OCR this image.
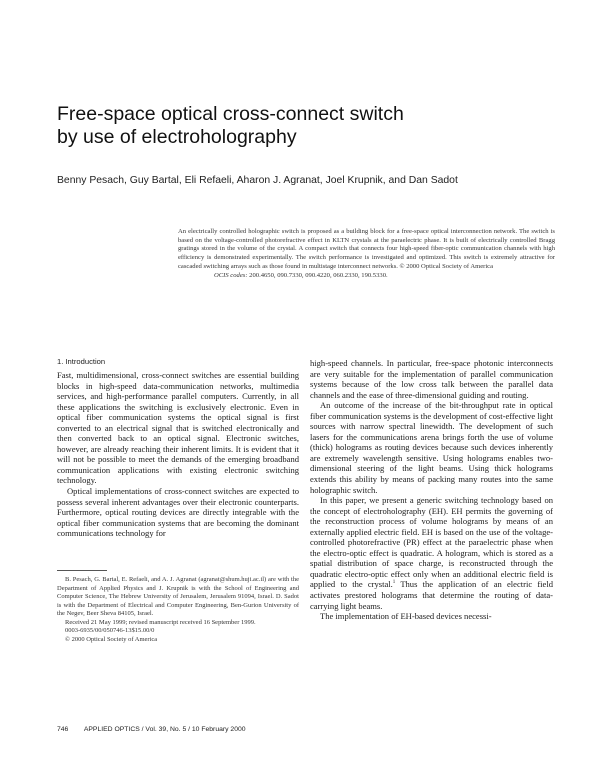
Free-space optical cross-connect switch
by use of electroholography
Benny Pesach, Guy Bartal, Eli Refaeli, Aharon J. Agranat, Joel Krupnik, and Dan Sadot
An electrically controlled holographic switch is proposed as a building block for a free-space optical interconnection network. The switch is based on the voltage-controlled photorefractive effect in KLTN crystals at the paraelectric phase. It is built of electrically controlled Bragg gratings stored in the volume of the crystal. A compact switch that connects four high-speed fiber-optic communication channels with high efficiency is demonstrated experimentally. The switch performance is investigated and optimized. This switch is extremely attractive for cascaded switching arrays such as those found in multistage interconnect networks. © 2000 Optical Society of America
OCIS codes: 200.4650, 090.7330, 090.4220, 060.2330, 190.5330.
1. Introduction

Fast, multidimensional, cross-connect switches are essential building blocks in high-speed data-communication networks, multimedia services, and high-performance parallel computers. Currently, in all these applications the switching is exclusively electronic. Even in optical fiber communication systems the optical signal is first converted to an electrical signal that is switched electronically and then converted back to an optical signal. Electronic switches, however, are already reaching their inherent limits. It is evident that it will not be possible to meet the demands of the emerging broadband communication applications with existing electronic switching technology.

Optical implementations of cross-connect switches are expected to possess several inherent advantages over their electronic counterparts. Furthermore, optical routing devices are directly integrable with the optical fiber communication systems that are becoming the dominant communications technology for

high-speed channels. In particular, free-space photonic interconnects are very suitable for the implementation of parallel communication systems because of the low cross talk between the parallel data channels and the ease of three-dimensional guiding and routing.

An outcome of the increase of the bit-throughput rate in optical fiber communication systems is the development of cost-effective light sources with narrow spectral linewidth. The development of such lasers for the communications arena brings forth the use of volume (thick) holograms as routing devices because such devices inherently are extremely wavelength sensitive. Using holograms enables two-dimensional steering of the light beams. Using thick holograms extends this ability by means of packing many routes into the same holographic switch.

In this paper, we present a generic switching technology based on the concept of electroholography (EH). EH permits the governing of the reconstruction process of volume holograms by means of an externally applied electric field. EH is based on the use of the voltage-controlled photorefractive (PR) effect at the paraelectric phase when the electro-optic effect is quadratic. A hologram, which is stored as a spatial distribution of space charge, is reconstructed through the quadratic electro-optic effect only when an additional electric field is applied to the crystal.$^1$ Thus the application of an electric field activates prestored holograms that determine the routing of data-carrying light beams.

The implementation of EH-based devices necessi-

B. Pesach, G. Bartal, E. Refaeli, and A. J. Agranat (agranat@shum.huji.ac.il) are with the Department of Applied Physics and J. Krupnik is with the School of Engineering and Computer Science, The Hebrew University of Jerusalem, Jerusalem 91094, Israel. D. Sadot is with the Department of Electrical and Computer Engineering, Ben-Gurion University of the Negev, Beer Sheva 84105, Israel.

Received 21 May 1999; revised manuscript received 16 September 1999.

0003-6935/00/050746-13$15.00/0

© 2000 Optical Society of America

746 APPLIED OPTICS / Vol. 39, No. 5 / 10 February 2000
